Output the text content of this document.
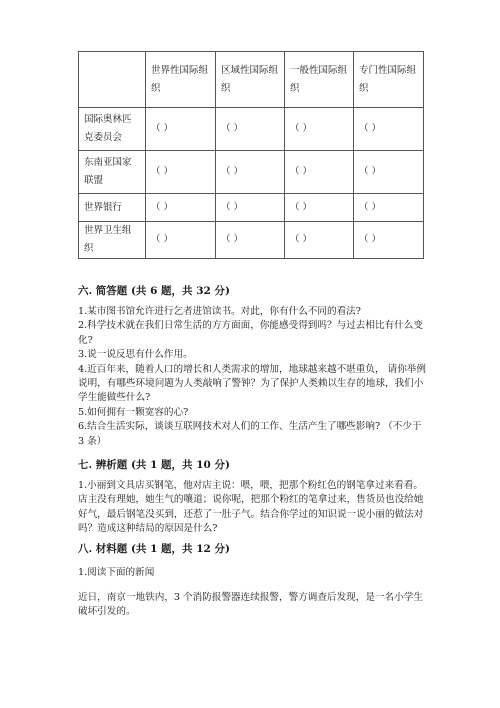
	世界性国际组织	区域性国际组织	一般性国际组织	专门性国际组织
国际奥林匹克委员会	（ ）	（ ）	（ ）	（ ）
东南亚国家联盟	（ ）	（ ）	（ ）	（ ）
世界银行	（ ）	（ ）	（ ）	（ ）
世界卫生组织	（ ）	（ ）	（ ）	（ ）
六. 简答题 (共 6 题，共 32 分)

1.某市图书馆允许进行乞者进馆读书。对此，你有什么不同的看法?

2.科学技术就在我们日常生活的方方面面，你能感受得到吗？与过去相比有什么变化?

3.说一说反思有什么作用。

4.近百年来，随着人口的增长和人类需求的增加，地球越来越不堪重负， 请你举例说明，有哪些环境问题为人类敲响了警钟？为了保护人类赖以生存的地球，我们小学生能做些什么?

5.如何拥有一颗宽容的心?

6.结合生活实际，谈谈互联网技术对人们的工作、生活产生了哪些影响? （不少于 3 条）

七. 辨析题 (共 1 题，共 10 分)

1.小丽到文具店买钢笔，他对店主说：喂，喂，把那个粉红色的钢笔拿过来看看。店主没有理她，她生气的嚷道；说你呢，把那个粉红的笔拿过来，售货员也没给她好气，最后钢笔没买到，还惹了一肚子气。结合你学过的知识说一说小丽的做法对吗？造成这种结局的原因是什么?

八. 材料题 (共 1 题，共 12 分)

1.阅读下面的新闻

近日，南京一地铁内，3 个消防报警器连续报警，警方调查后发现，是一名小学生破坏引发的。
